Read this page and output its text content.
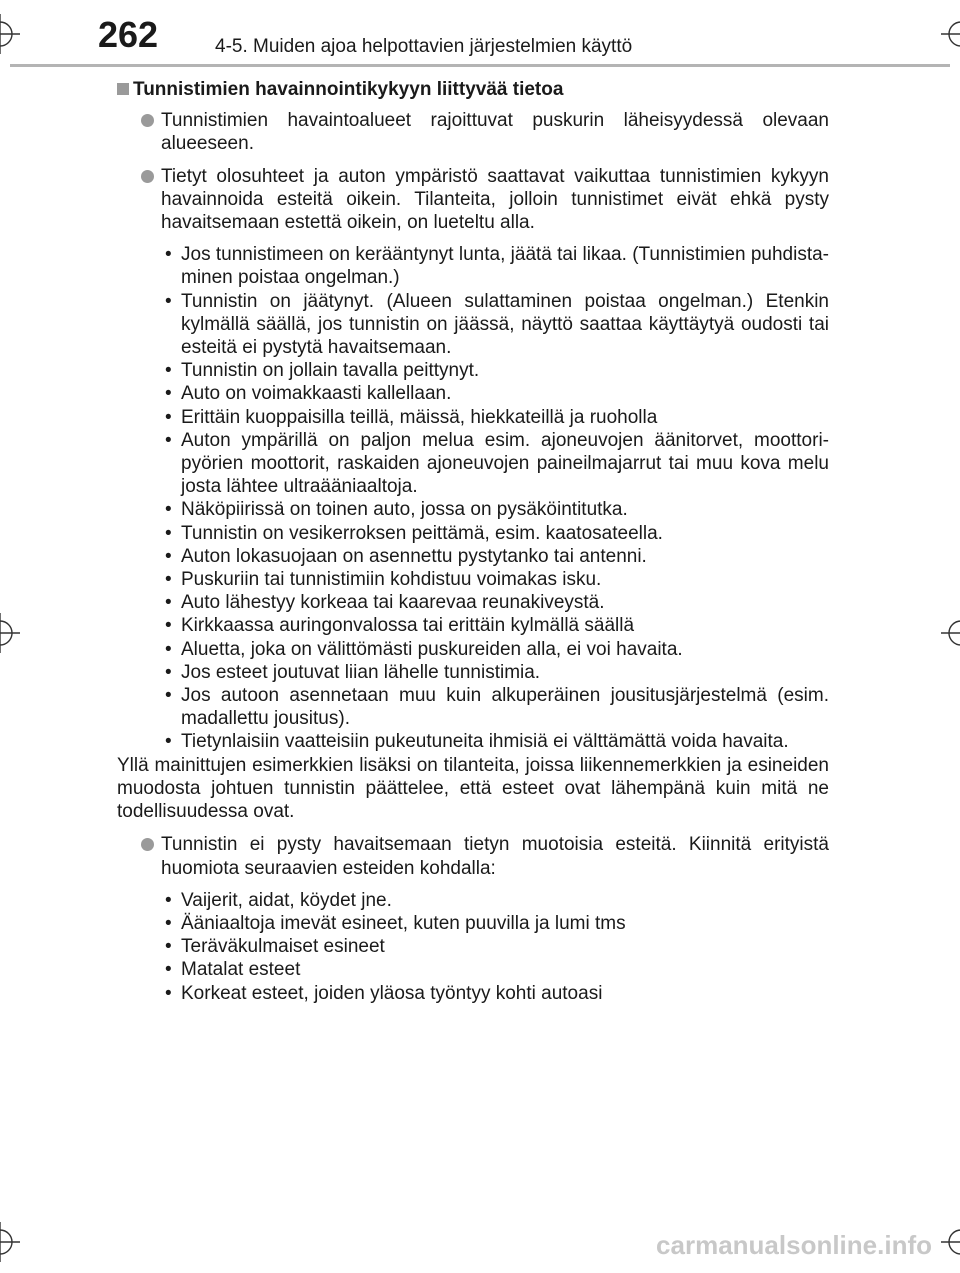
262	4-5. Muiden ajoa helpottavien järjestelmien käyttö
Tunnistimien havainnointikykyyn liittyvää tietoa
Tunnistimien havaintoalueet rajoittuvat puskurin läheisyydessä olevaan alueeseen.
Tietyt olosuhteet ja auton ympäristö saattavat vaikuttaa tunnistimien kykyyn havainnoida esteitä oikein. Tilanteita, jolloin tunnistimet eivät ehkä pysty havaitsemaan estettä oikein, on lueteltu alla.
• Jos tunnistimeen on kerääntynyt lunta, jäätä tai likaa. (Tunnistimien puhdistaminen poistaa ongelman.)
• Tunnistin on jäätynyt. (Alueen sulattaminen poistaa ongelman.) Etenkin kylmällä säällä, jos tunnistin on jäässä, näyttö saattaa käyttäytyä oudosti tai esteitä ei pystytä havaitsemaan.
• Tunnistin on jollain tavalla peittynyt.
• Auto on voimakkaasti kallellaan.
• Erittäin kuoppaisilla teillä, mäissä, hiekkateillä ja ruoholla
• Auton ympärillä on paljon melua esim. ajoneuvojen äänitorvet, moottoripyörien moottorit, raskaiden ajoneuvojen paineilmajarrut tai muu kova melu josta lähtee ultraääniaaltoja.
• Näköpiirissä on toinen auto, jossa on pysäköintitutka.
• Tunnistin on vesikerroksen peittämä, esim. kaatosateella.
• Auton lokasuojaan on asennettu pystytanko tai antenni.
• Puskuriin tai tunnistimiin kohdistuu voimakas isku.
• Auto lähestyy korkeaa tai kaarevaa reunakiveystä.
• Kirkkaassa auringonvalossa tai erittäin kylmällä säällä
• Aluetta, joka on välittömästi puskureiden alla, ei voi havaita.
• Jos esteet joutuvat liian lähelle tunnistimia.
• Jos autoon asennetaan muu kuin alkuperäinen jousitusjärjestelmä (esim. madallettu jousitus).
• Tietynlaisiin vaatteisiin pukeutuneita ihmisiä ei välttämättä voida havaita.
Yllä mainittujen esimerkkien lisäksi on tilanteita, joissa liikennemerkkien ja esineiden muodosta johtuen tunnistin päättelee, että esteet ovat lähempänä kuin mitä ne todellisuudessa ovat.
Tunnistin ei pysty havaitsemaan tietyn muotoisia esteitä. Kiinnitä erityistä huomiota seuraavien esteiden kohdalla:
• Vaijerit, aidat, köydet jne.
• Ääniaaltoja imevät esineet, kuten puuvilla ja lumi tms
• Teräväkulmaiset esineet
• Matalat esteet
• Korkeat esteet, joiden yläosa työntyy kohti autoasi
carmanualsonline.info
